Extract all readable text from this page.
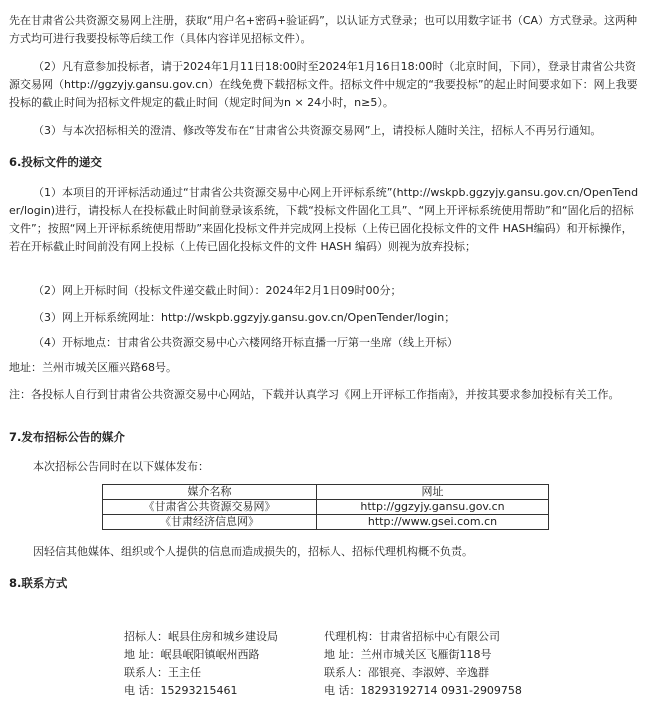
先在甘肃省公共资源交易网上注册，获取“用户名+密码+验证码”，以认证方式登录；也可以用数字证书（CA）方式登录。这两种方式均可进行我要投标等后续工作（具体内容详见招标文件）。

（2）凡有意参加投标者，请于2024年1月11日18:00时至2024年1月16日18:00时（北京时间，下同），登录甘肃省公共资源交易网（http://ggzyjy.gansu.gov.cn）在线免费下载招标文件。招标文件中规定的“我要投标”的起止时间要求如下：网上我要投标的截止时间为招标文件规定的截止时间（规定时间为n × 24小时，n≥5）。

（3）与本次招标相关的澄清、修改等发布在“甘肃省公共资源交易网”上，请投标人随时关注，招标人不再另行通知。

6.投标文件的递交

（1）本项目的开评标活动通过“甘肃省公共资源交易中心网上开评标系统”(http://wskpb.ggzyjy.gansu.gov.cn/OpenTender/login)进行，请投标人在投标截止时间前登录该系统，下载“投标文件固化工具”、“网上开评标系统使用帮助”和“固化后的招标文件”；按照“网上开评标系统使用帮助”来固化投标文件并完成网上投标（上传已固化投标文件的文件 HASH编码）和开标操作，若在开标截止时间前没有网上投标（上传已固化投标文件的文件 HASH 编码）则视为放弃投标；

（2）网上开标时间（投标文件递交截止时间）：2024年2月1日09时00分；

（3）网上开标系统网址：http://wskpb.ggzyjy.gansu.gov.cn/OpenTender/login；

（4）开标地点：甘肃省公共资源交易中心六楼网络开标直播一厅第一坐席（线上开标）

地址：兰州市城关区雁兴路68号。

注：各投标人自行到甘肃省公共资源交易中心网站，下载并认真学习《网上开评标工作指南》，并按其要求参加投标有关工作。

7.发布招标公告的媒介

本次招标公告同时在以下媒体发布：

媒介名称	网址
《甘肃省公共资源交易网》	http://ggzyjy.gansu.gov.cn
《甘肃经济信息网》	http://www.gsei.com.cn

因轻信其他媒体、组织或个人提供的信息而造成损失的，招标人、招标代理机构概不负责。

8.联系方式

招标人：岷县住房和城乡建设局
地 址：岷县岷阳镇岷州西路
联系人：王主任
电 话：15293215461
代理机构：甘肃省招标中心有限公司
地 址：兰州市城关区飞雁街118号
联系人：邵银亮、李淑婷、辛逸群
电 话：18293192714 0931-2909758
